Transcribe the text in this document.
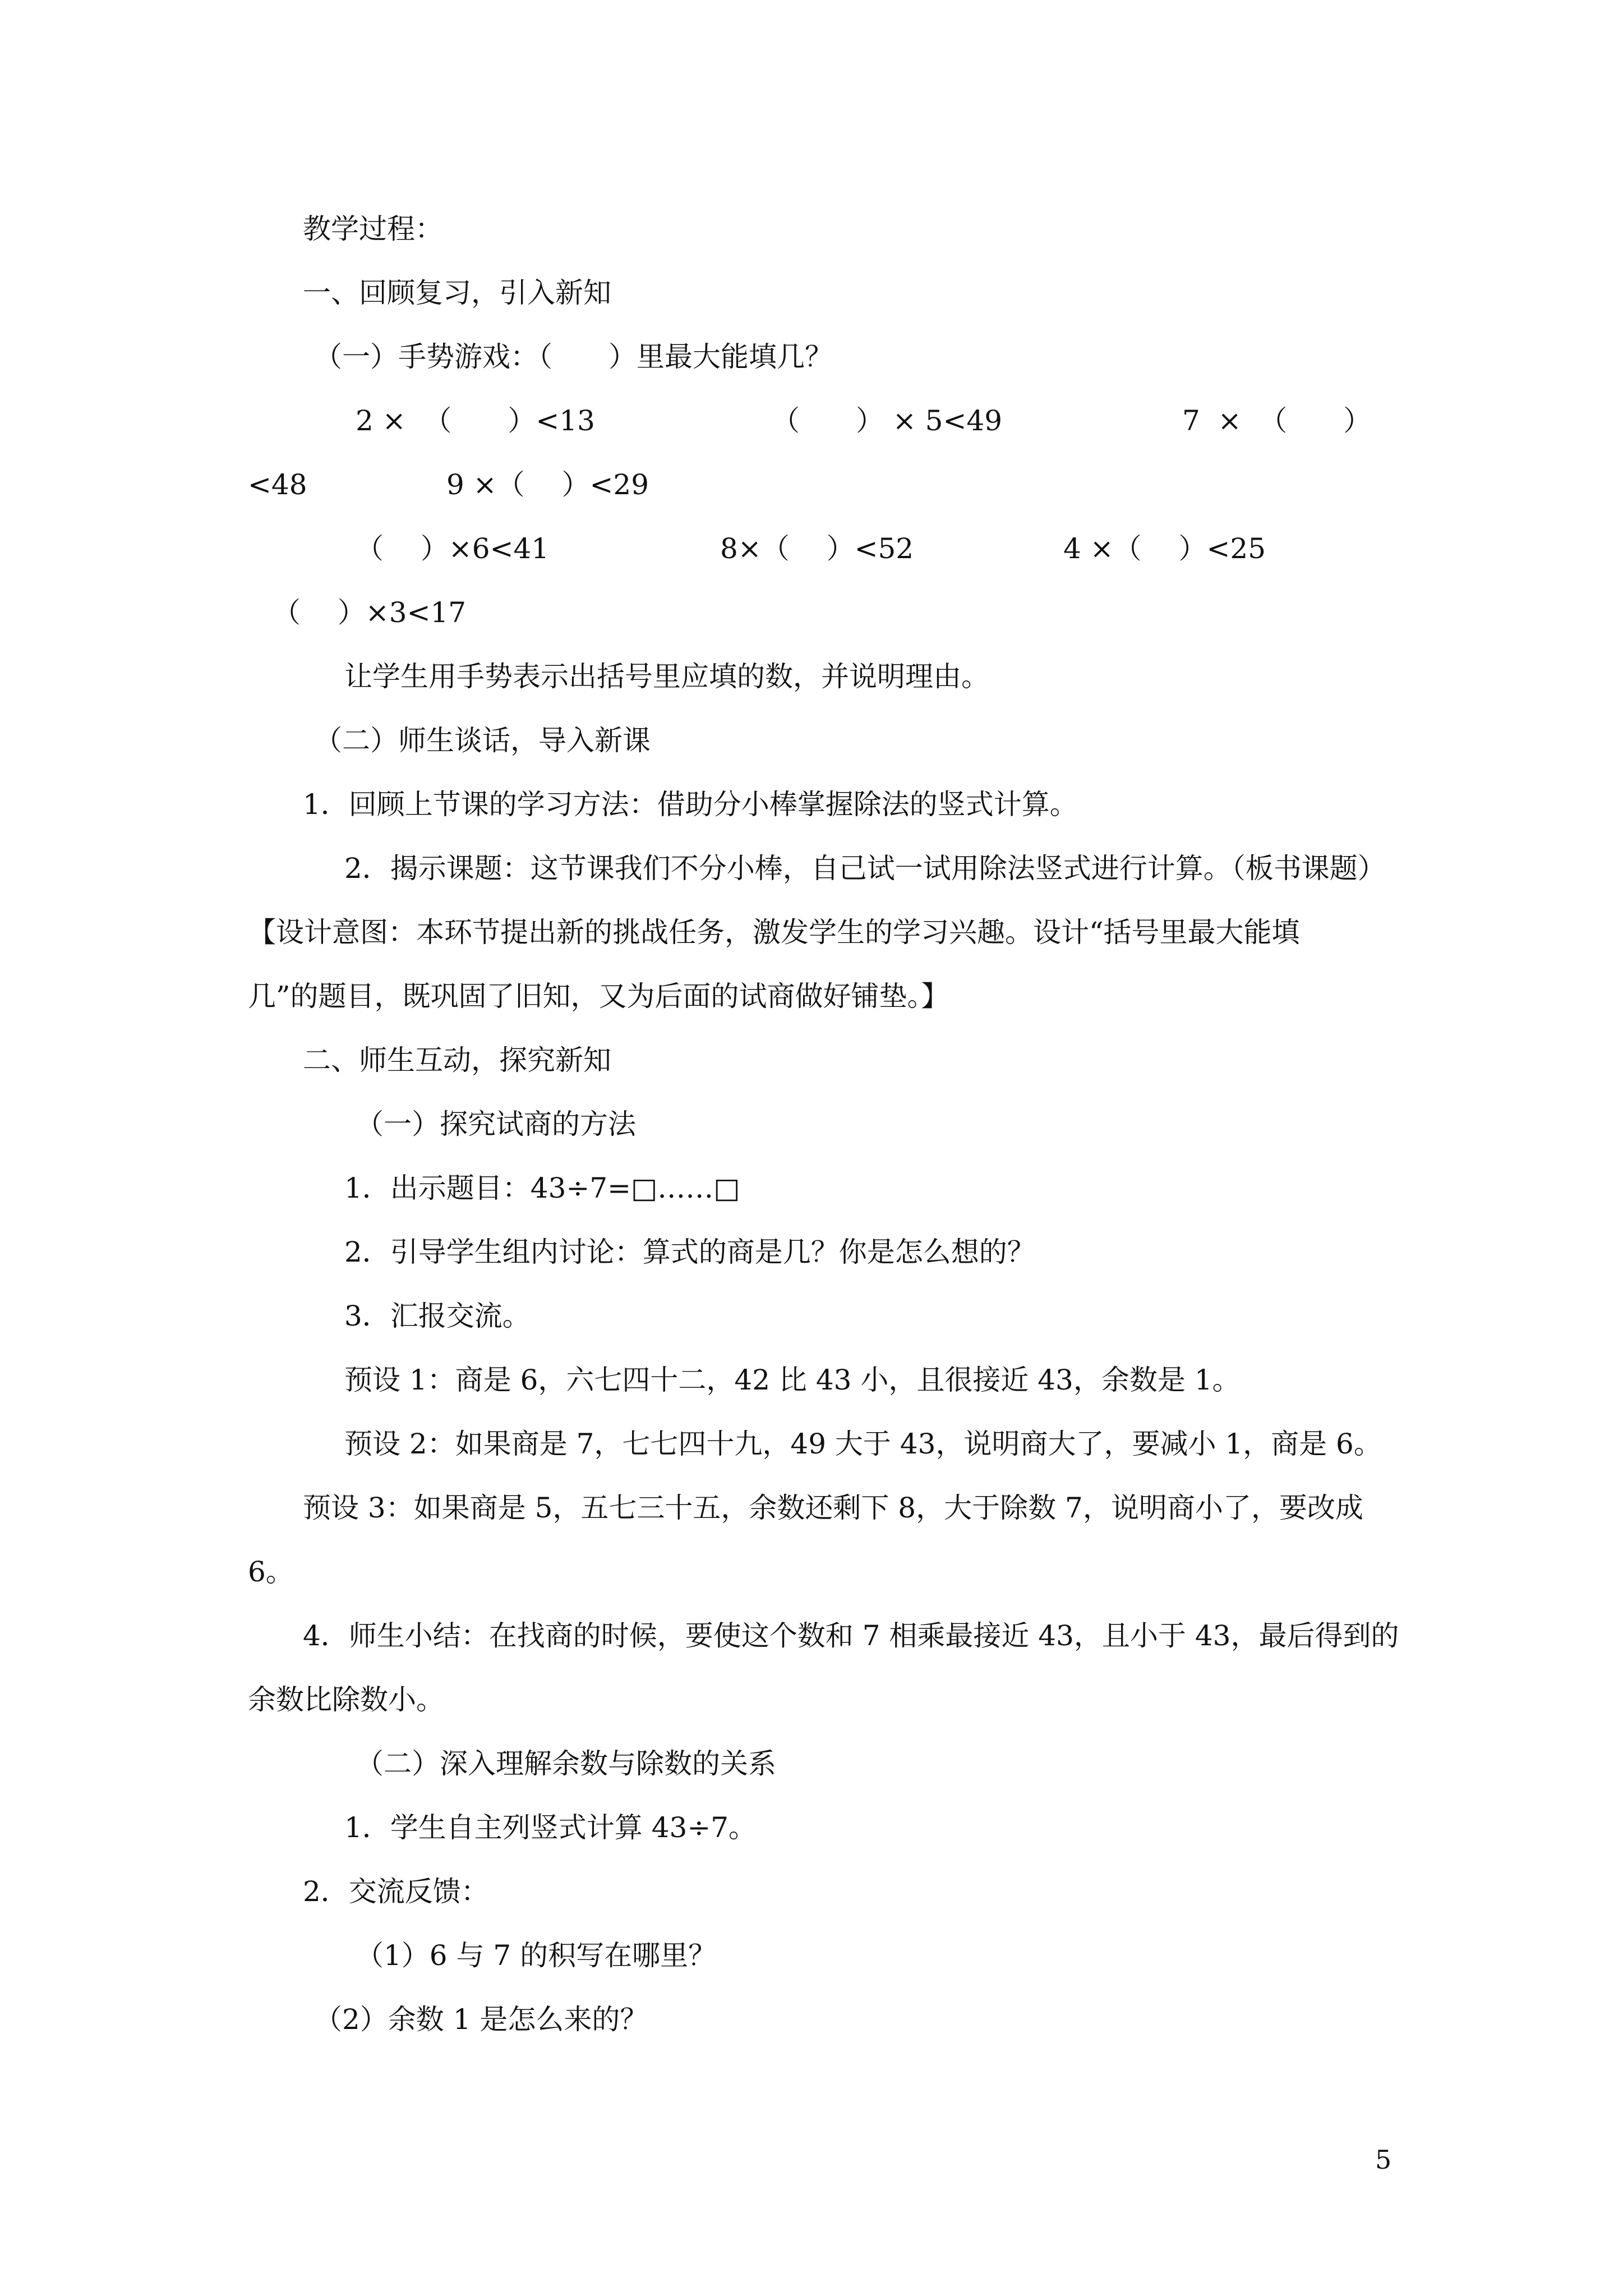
教学过程：
一、回顾复习，引入新知
（一）手势游戏：（　　）里最大能填几？
2 ×  （　　）<13	（　　） × 5<49	7  ×  （　　）
<48	9 ×（　 ）<29
（　 ）×6<41	8×（　 ）<52	4 ×（　 ）<25
（　 ）×3<17
让学生用手势表示出括号里应填的数，并说明理由。
（二）师生谈话，导入新课
1．回顾上节课的学习方法：借助分小棒掌握除法的竖式计算。
2．揭示课题：这节课我们不分小棒，自己试一试用除法竖式进行计算。（板书课题）
【设计意图：本环节提出新的挑战任务，激发学生的学习兴趣。设计“括号里最大能填
几”的题目，既巩固了旧知，又为后面的试商做好铺垫。】
二、师生互动，探究新知
（一）探究试商的方法
1．出示题目：43÷7=□……□
2．引导学生组内讨论：算式的商是几？你是怎么想的？
3．汇报交流。
预设 1：商是 6，六七四十二，42 比 43 小，且很接近 43，余数是 1。
预设 2：如果商是 7，七七四十九，49 大于 43，说明商大了，要减小 1，商是 6。
预设 3：如果商是 5，五七三十五，余数还剩下 8，大于除数 7，说明商小了，要改成
6。
4．师生小结：在找商的时候，要使这个数和 7 相乘最接近 43，且小于 43，最后得到的
余数比除数小。
（二）深入理解余数与除数的关系
1．学生自主列竖式计算 43÷7。
2．交流反馈：
（1）6 与 7 的积写在哪里？
（2）余数 1 是怎么来的？
5
